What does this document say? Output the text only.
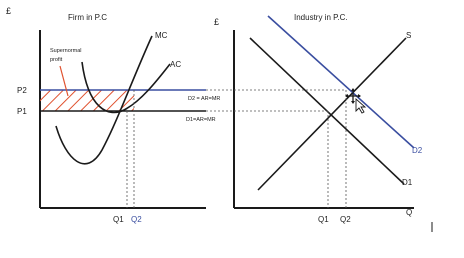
£
Firm in P.C
MC
AC
Supernormal
profit
P2
P1
D2 = AR=MR
D1=AR=MR
Q1 Q2
£	Industry in P.C.
S
D2
D1
Q1 Q2
Q
